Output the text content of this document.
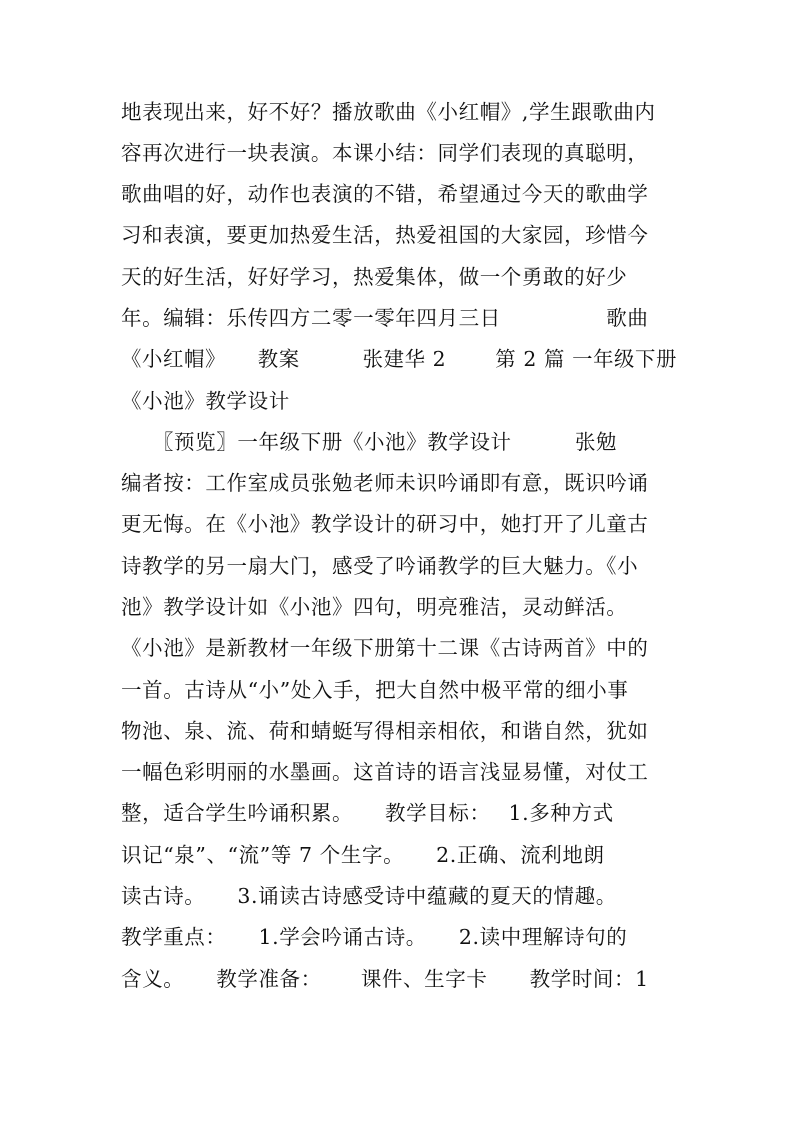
地表现出来，好不好？播放歌曲《小红帽》,学生跟歌曲内
容再次进行一块表演。本课小结：同学们表现的真聪明，
歌曲唱的好，动作也表演的不错，希望通过今天的歌曲学
习和表演，要更加热爱生活，热爱祖国的大家园，珍惜今
天的好生活，好好学习，热爱集体，做一个勇敢的好少
年。编辑：乐传四方二零一零年四月三日　　　　　歌曲
《小红帽》　　教案　　　张建华 2　　 第 2 篇 一年级下册
《小池》教学设计
　　〖预览〗一年级下册《小池》教学设计　　　张勉
编者按：工作室成员张勉老师未识吟诵即有意，既识吟诵
更无悔。在《小池》教学设计的研习中，她打开了儿童古
诗教学的另一扇大门，感受了吟诵教学的巨大魅力。《小
池》教学设计如《小池》四句，明亮雅洁，灵动鲜活。
《小池》是新教材一年级下册第十二课《古诗两首》中的
一首。古诗从“小”处入手，把大自然中极平常的细小事
物池、泉、流、荷和蜻蜓写得相亲相依，和谐自然，犹如
一幅色彩明丽的水墨画。这首诗的语言浅显易懂，对仗工
整，适合学生吟诵积累。　　教学目标：　 1.多种方式
识记“泉”、“流”等 7 个生字。　　2.正确、流利地朗
读古诗。　　3.诵读古诗感受诗中蕴藏的夏天的情趣。
教学重点：　　1.学会吟诵古诗。　　2.读中理解诗句的
含义。　　教学准备：　　 课件、生字卡　　教学时间：1
